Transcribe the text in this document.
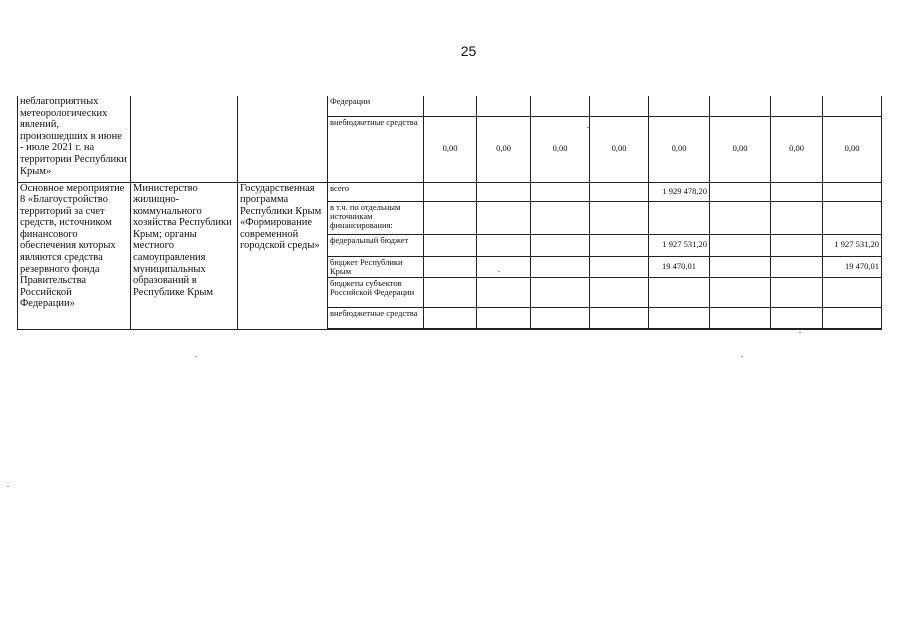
25
неблагоприятных метеорологических явлений, произошедших в июне - июле 2021 г. на территории Республики Крым»			Федерации								
			внебюджетные средства	0,00	0,00	0,00	0,00	0,00	0,00	0,00	0,00
Основное мероприятие 8 «Благоустройство территорий за счет средств, источником финансового обеспечения которых являются средства резервного фонда Правительства Российской Федерации»	Министерство жилищно-коммунального хозяйства Республики Крым; органы местного самоуправления муниципальных образований в Республике Крым	Государственная программа Республики Крым «Формирование современной городской среды»	всего					1 929 478,20			
			в т.ч. по отдельным источникам финансирования:								
			федеральный бюджет					1 927 531,20			1 927 531,20
			бюджет Республики Крым					19 470,01			19 470,01
			бюджеты субъектов Российской Федерации								
			внебюджетные средства								
